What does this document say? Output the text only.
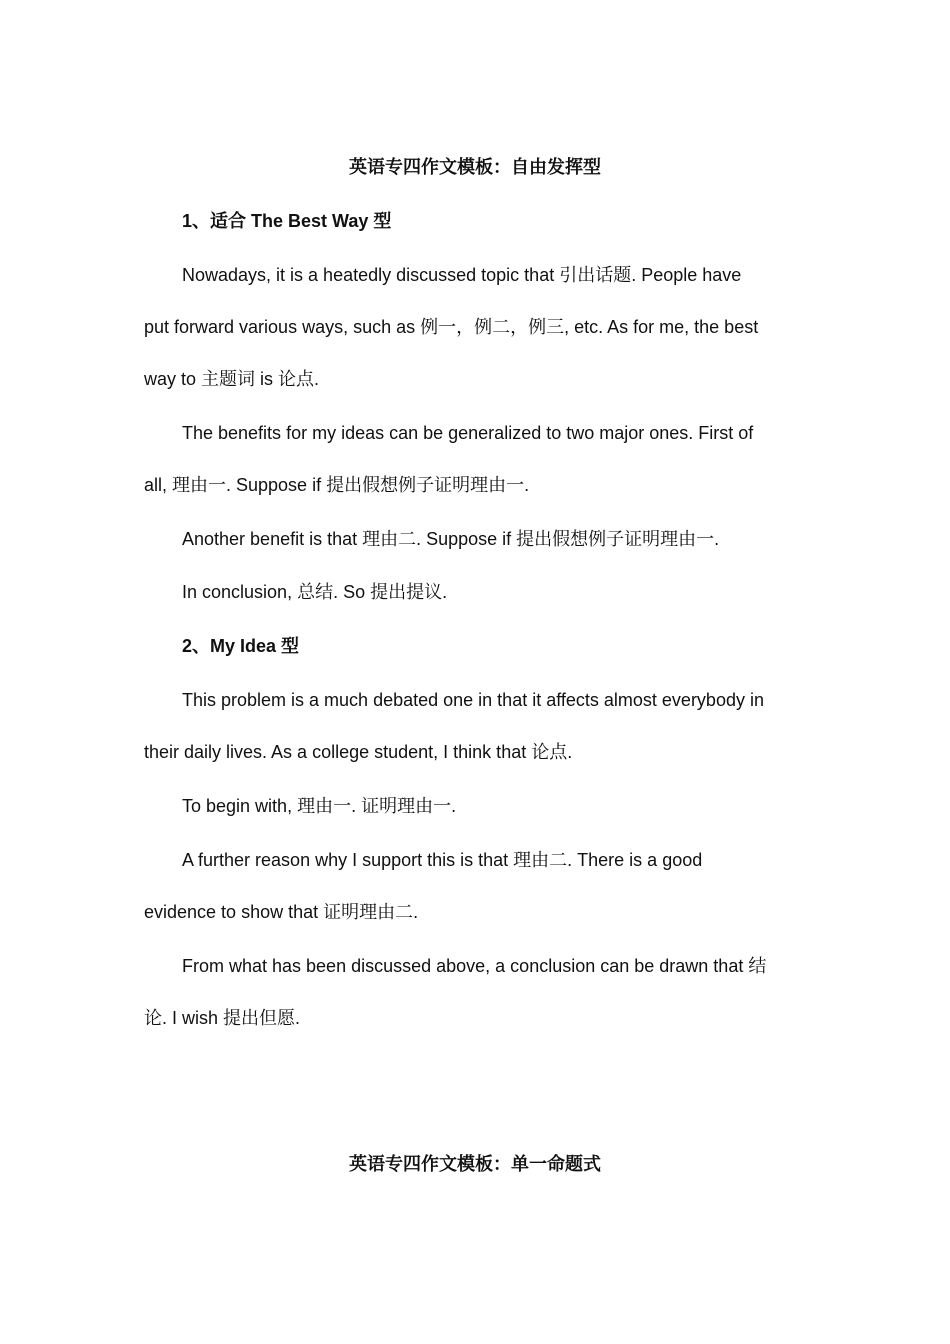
英语专四作文模板：自由发挥型
1、适合 The Best Way 型
Nowadays, it is a heatedly discussed topic that 引出话题. People have
put forward various ways, such as 例一，例二，例三, etc. As for me, the best
way to 主题词 is 论点.
The benefits for my ideas can be generalized to two major ones. First of
all, 理由一. Suppose if 提出假想例子证明理由一.
Another benefit is that 理由二. Suppose if 提出假想例子证明理由一.
In conclusion, 总结. So 提出提议.
2、My Idea 型
This problem is a much debated one in that it affects almost everybody in
their daily lives. As a college student, I think that 论点.
To begin with, 理由一. 证明理由一.
A further reason why I support this is that 理由二. There is a good
evidence to show that 证明理由二.
From what has been discussed above, a conclusion can be drawn that 结
论. I wish 提出但愿.
英语专四作文模板：单一命题式
